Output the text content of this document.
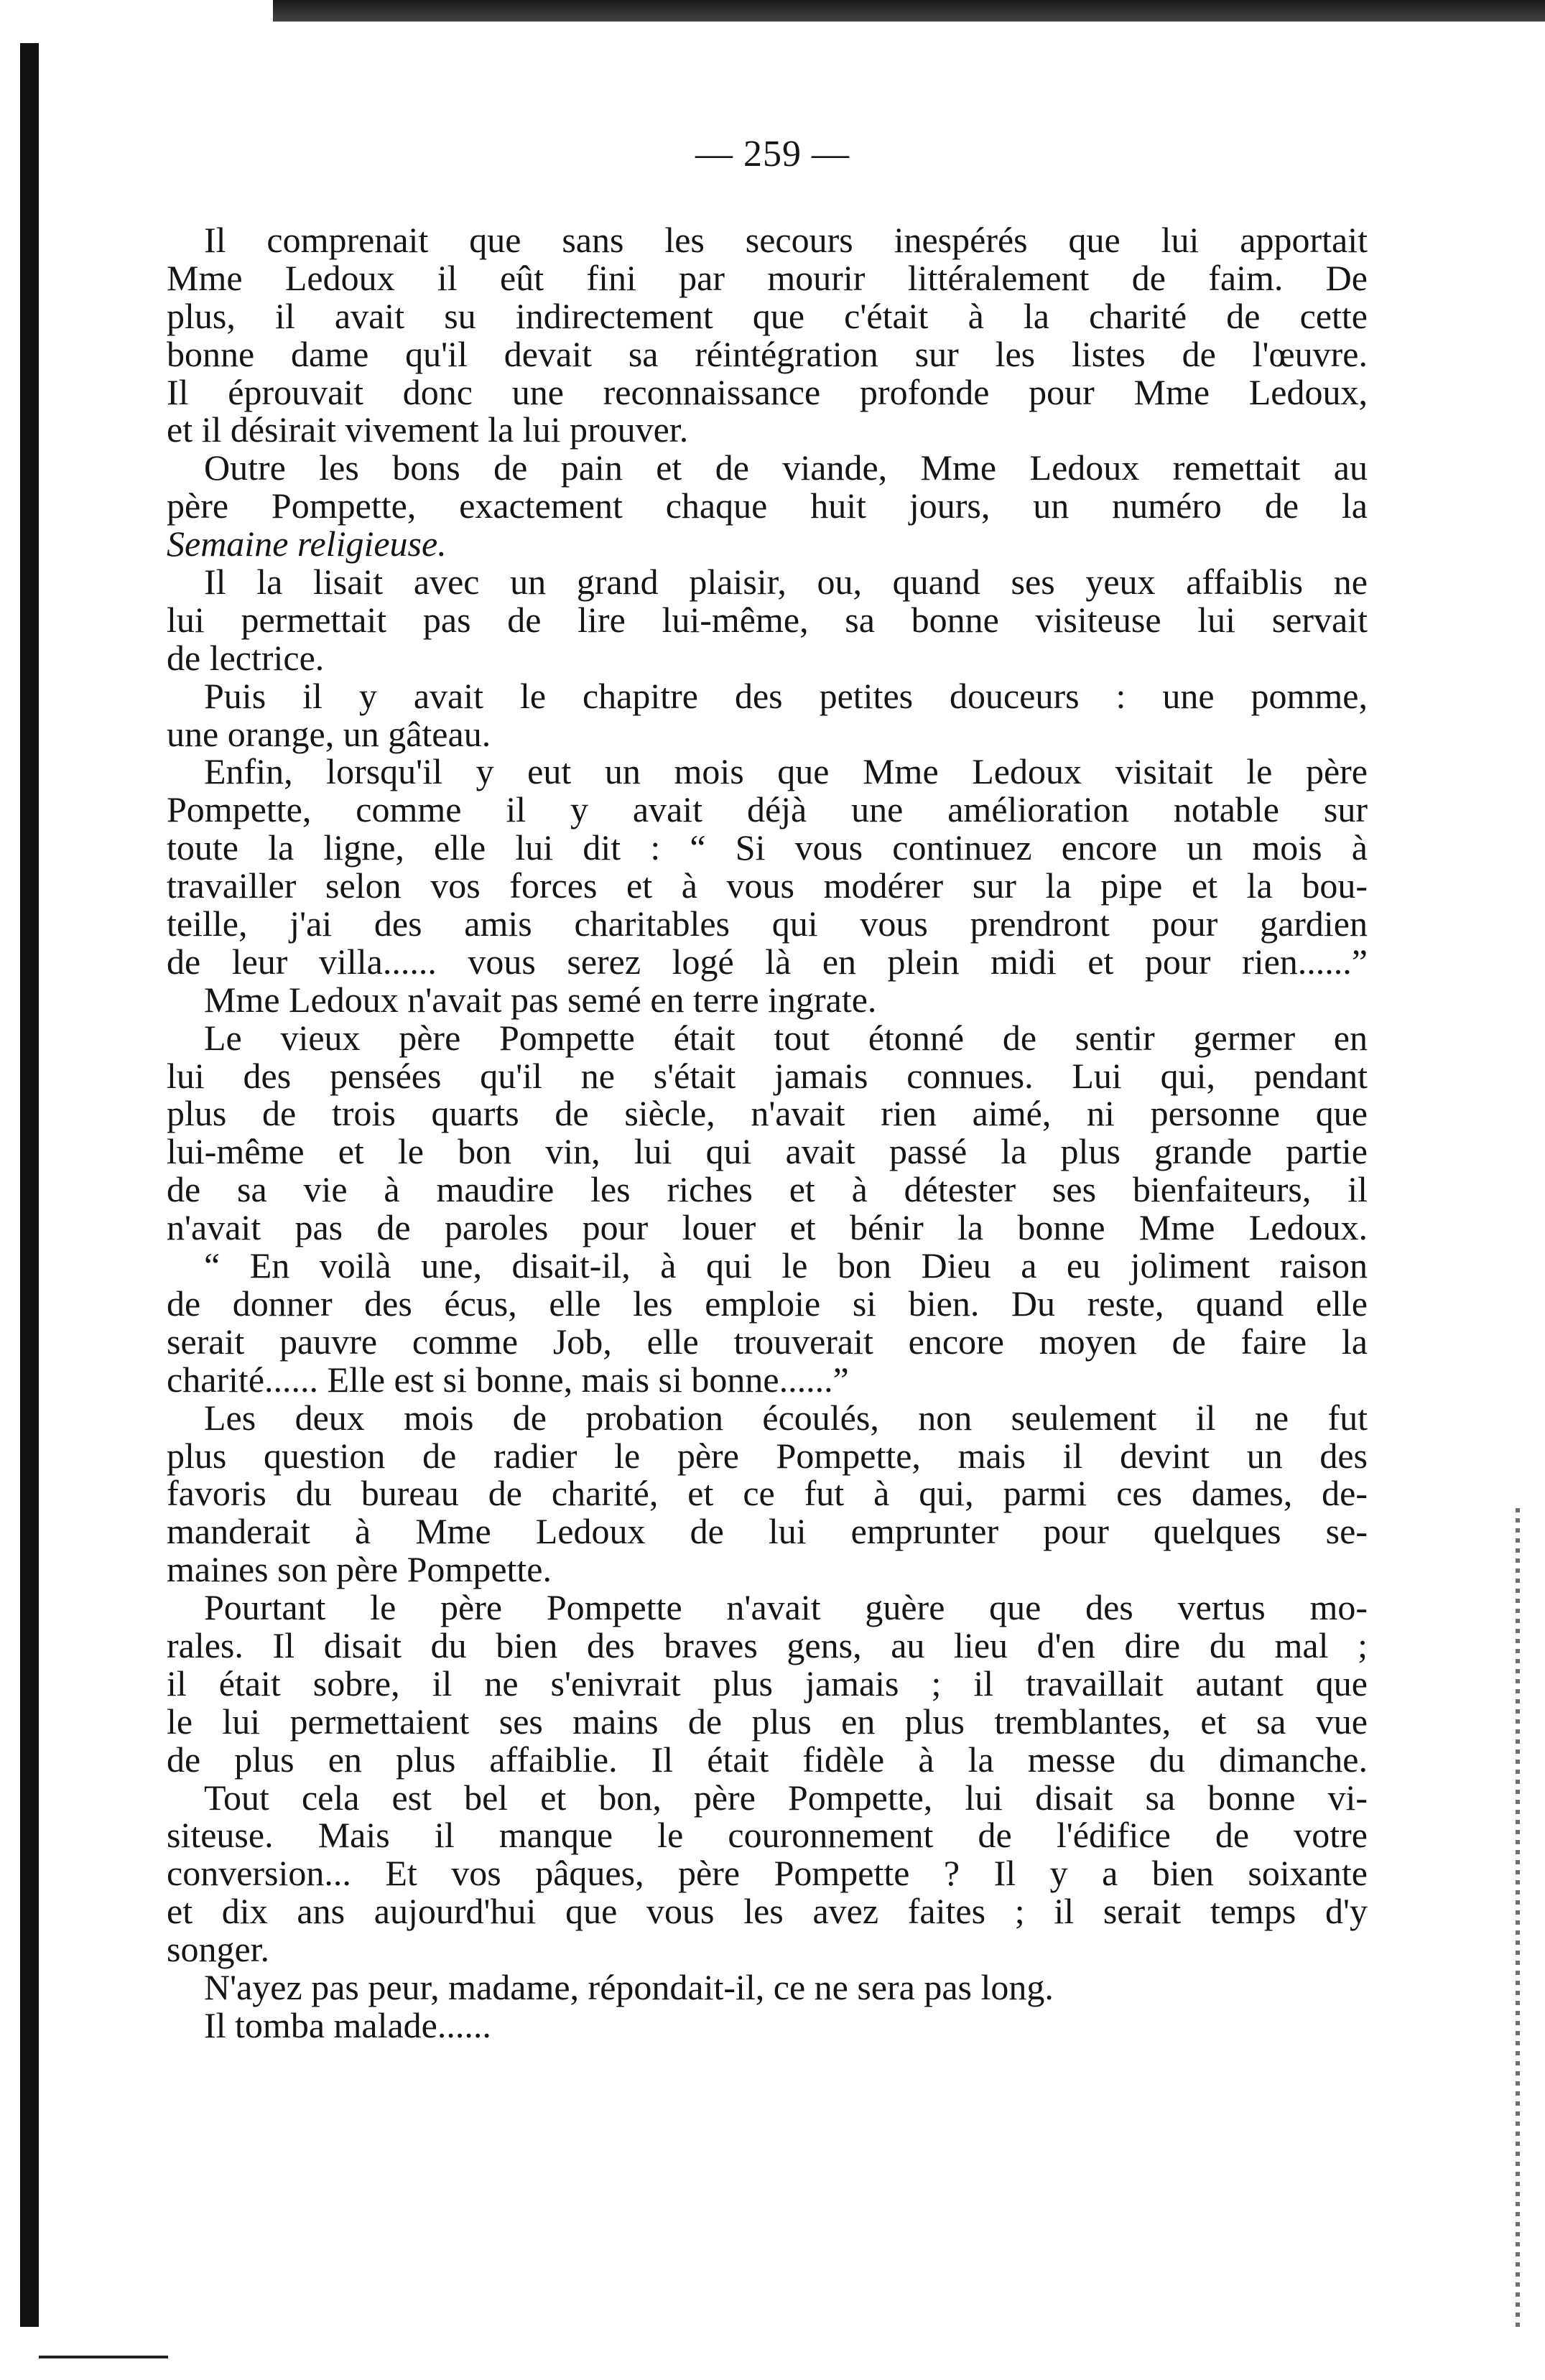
— 259 —
Il comprenait que sans les secours inespérés que lui apportait
Mme Ledoux il eût fini par mourir littéralement de faim. De
plus, il avait su indirectement que c'était à la charité de cette
bonne dame qu'il devait sa réintégration sur les listes de l'œuvre.
Il éprouvait donc une reconnaissance profonde pour Mme Ledoux,
et il désirait vivement la lui prouver.
Outre les bons de pain et de viande, Mme Ledoux remettait au
père Pompette, exactement chaque huit jours, un numéro de la
Semaine religieuse.
Il la lisait avec un grand plaisir, ou, quand ses yeux affaiblis ne
lui permettait pas de lire lui-même, sa bonne visiteuse lui servait
de lectrice.
Puis il y avait le chapitre des petites douceurs : une pomme,
une orange, un gâteau.
Enfin, lorsqu'il y eut un mois que Mme Ledoux visitait le père
Pompette, comme il y avait déjà une amélioration notable sur
toute la ligne, elle lui dit : “ Si vous continuez encore un mois à
travailler selon vos forces et à vous modérer sur la pipe et la bou-
teille, j'ai des amis charitables qui vous prendront pour gardien
de leur villa...... vous serez logé là en plein midi et pour rien......”
Mme Ledoux n'avait pas semé en terre ingrate.
Le vieux père Pompette était tout étonné de sentir germer en
lui des pensées qu'il ne s'était jamais connues. Lui qui, pendant
plus de trois quarts de siècle, n'avait rien aimé, ni personne que
lui-même et le bon vin, lui qui avait passé la plus grande partie
de sa vie à maudire les riches et à détester ses bienfaiteurs, il
n'avait pas de paroles pour louer et bénir la bonne Mme Ledoux.
“ En voilà une, disait-il, à qui le bon Dieu a eu joliment raison
de donner des écus, elle les emploie si bien. Du reste, quand elle
serait pauvre comme Job, elle trouverait encore moyen de faire la
charité...... Elle est si bonne, mais si bonne......”
Les deux mois de probation écoulés, non seulement il ne fut
plus question de radier le père Pompette, mais il devint un des
favoris du bureau de charité, et ce fut à qui, parmi ces dames, de-
manderait à Mme Ledoux de lui emprunter pour quelques se-
maines son père Pompette.
Pourtant le père Pompette n'avait guère que des vertus mo-
rales. Il disait du bien des braves gens, au lieu d'en dire du mal ;
il était sobre, il ne s'enivrait plus jamais ; il travaillait autant que
le lui permettaient ses mains de plus en plus tremblantes, et sa vue
de plus en plus affaiblie. Il était fidèle à la messe du dimanche.
Tout cela est bel et bon, père Pompette, lui disait sa bonne vi-
siteuse. Mais il manque le couronnement de l'édifice de votre
conversion... Et vos pâques, père Pompette ? Il y a bien soixante
et dix ans aujourd'hui que vous les avez faites ; il serait temps d'y
songer.
N'ayez pas peur, madame, répondait-il, ce ne sera pas long.
Il tomba malade......
